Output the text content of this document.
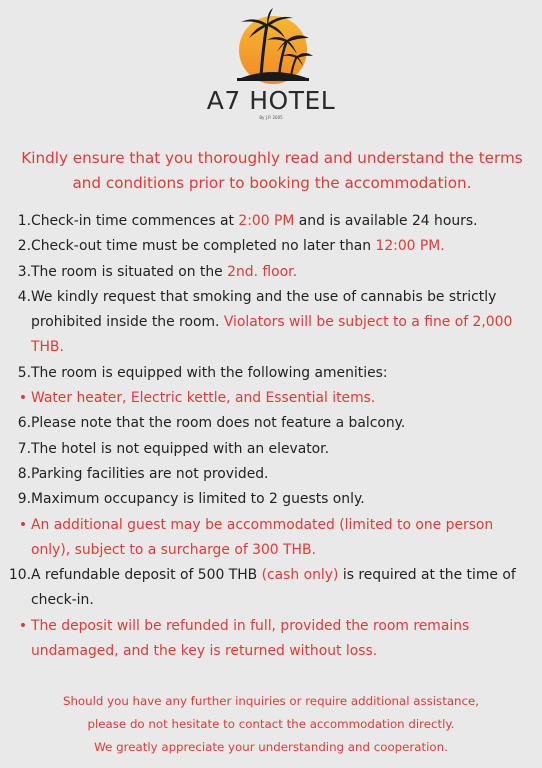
A7 HOTEL
By J.P. 2005
Kindly ensure that you thoroughly read and understand the terms and conditions prior to booking the accommodation.
1. Check-in time commences at 2:00 PM and is available 24 hours.
2. Check-out time must be completed no later than 12:00 PM.
3. The room is situated on the 2nd. floor.
4. We kindly request that smoking and the use of cannabis be strictly prohibited inside the room. Violators will be subject to a fine of 2,000 THB.
5. The room is equipped with the following amenities:
• Water heater, Electric kettle, and Essential items.
6. Please note that the room does not feature a balcony.
7. The hotel is not equipped with an elevator.
8. Parking facilities are not provided.
9. Maximum occupancy is limited to 2 guests only.
• An additional guest may be accommodated (limited to one person only), subject to a surcharge of 300 THB.
10. A refundable deposit of 500 THB (cash only) is required at the time of check-in.
• The deposit will be refunded in full, provided the room remains undamaged, and the key is returned without loss.
Should you have any further inquiries or require additional assistance,
please do not hesitate to contact the accommodation directly.
We greatly appreciate your understanding and cooperation.
